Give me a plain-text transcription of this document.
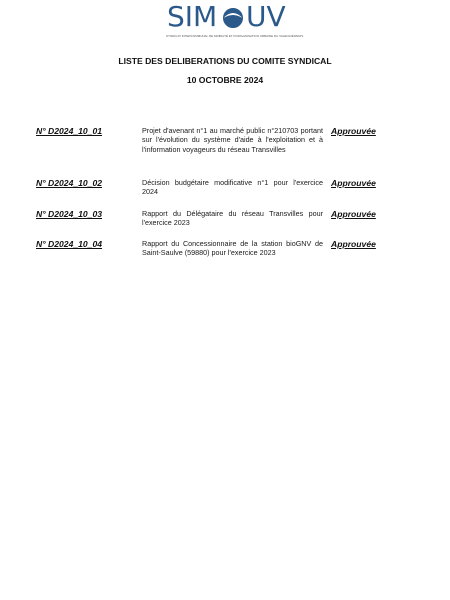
SIM UV
SYNDICAT INTERCOMMUNAL DE MOBILITÉ ET D'ORGANISATION URBAINE DU VALENCIENNOIS
LISTE DES DELIBERATIONS DU COMITE SYNDICAL
10 OCTOBRE 2024
N° D2024_10_01	Projet d'avenant n°1 au marché public n°210703 portant sur l'évolution du système d'aide à l'exploitation et à l'information voyageurs du réseau Transvilles
Approuvée
N° D2024_10_02	Décision budgétaire modificative n°1 pour l'exercice 2024
Approuvée
N° D2024_10_03	Rapport du Délégataire du réseau Transvilles pour l'exercice 2023
Approuvée
N° D2024_10_04	Rapport du Concessionnaire de la station bioGNV de Saint-Saulve (59880) pour l'exercice 2023
Approuvée
